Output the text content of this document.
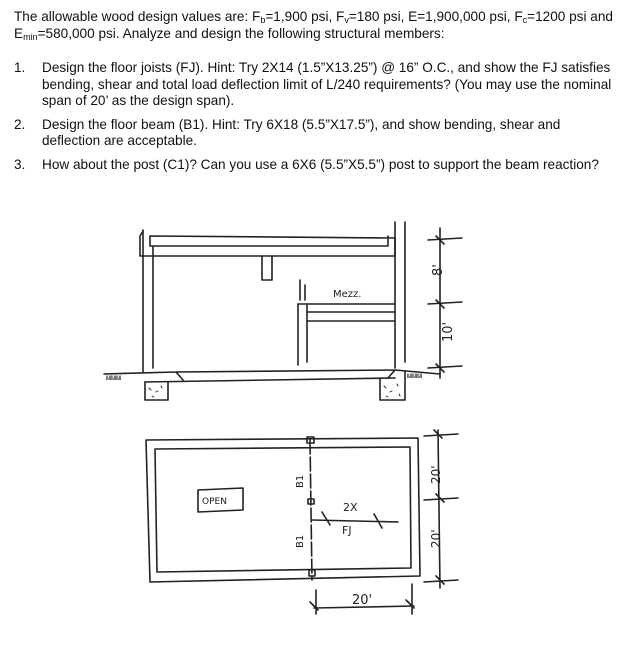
The allowable wood design values are: $F_b=1,900$ psi, $F_v=180$ psi, E=1,900,000 psi, $F_c=1200$ psi and $E_{min}=580,000$ psi. Analyze and design the following structural members:
1.	Design the floor joists (FJ). Hint: Try 2X14 (1.5”X13.25”) @ 16” O.C., and show the FJ satisfies bending, shear and total load deflection limit of L/240 requirements? (You may use the nominal span of 20’ as the design span).
2.	Design the floor beam (B1). Hint: Try 6X18 (5.5”X17.5”), and show bending, shear and deflection are acceptable.
3.	How about the post (C1)? Can you use a 6X6 (5.5”X5.5”) post to support the beam reaction?
Mezz.
8'
10'
⩏⩏⩏	⩏⩏⩏
OPEN
B1
B1
2X
FJ
20'
20'
20'
